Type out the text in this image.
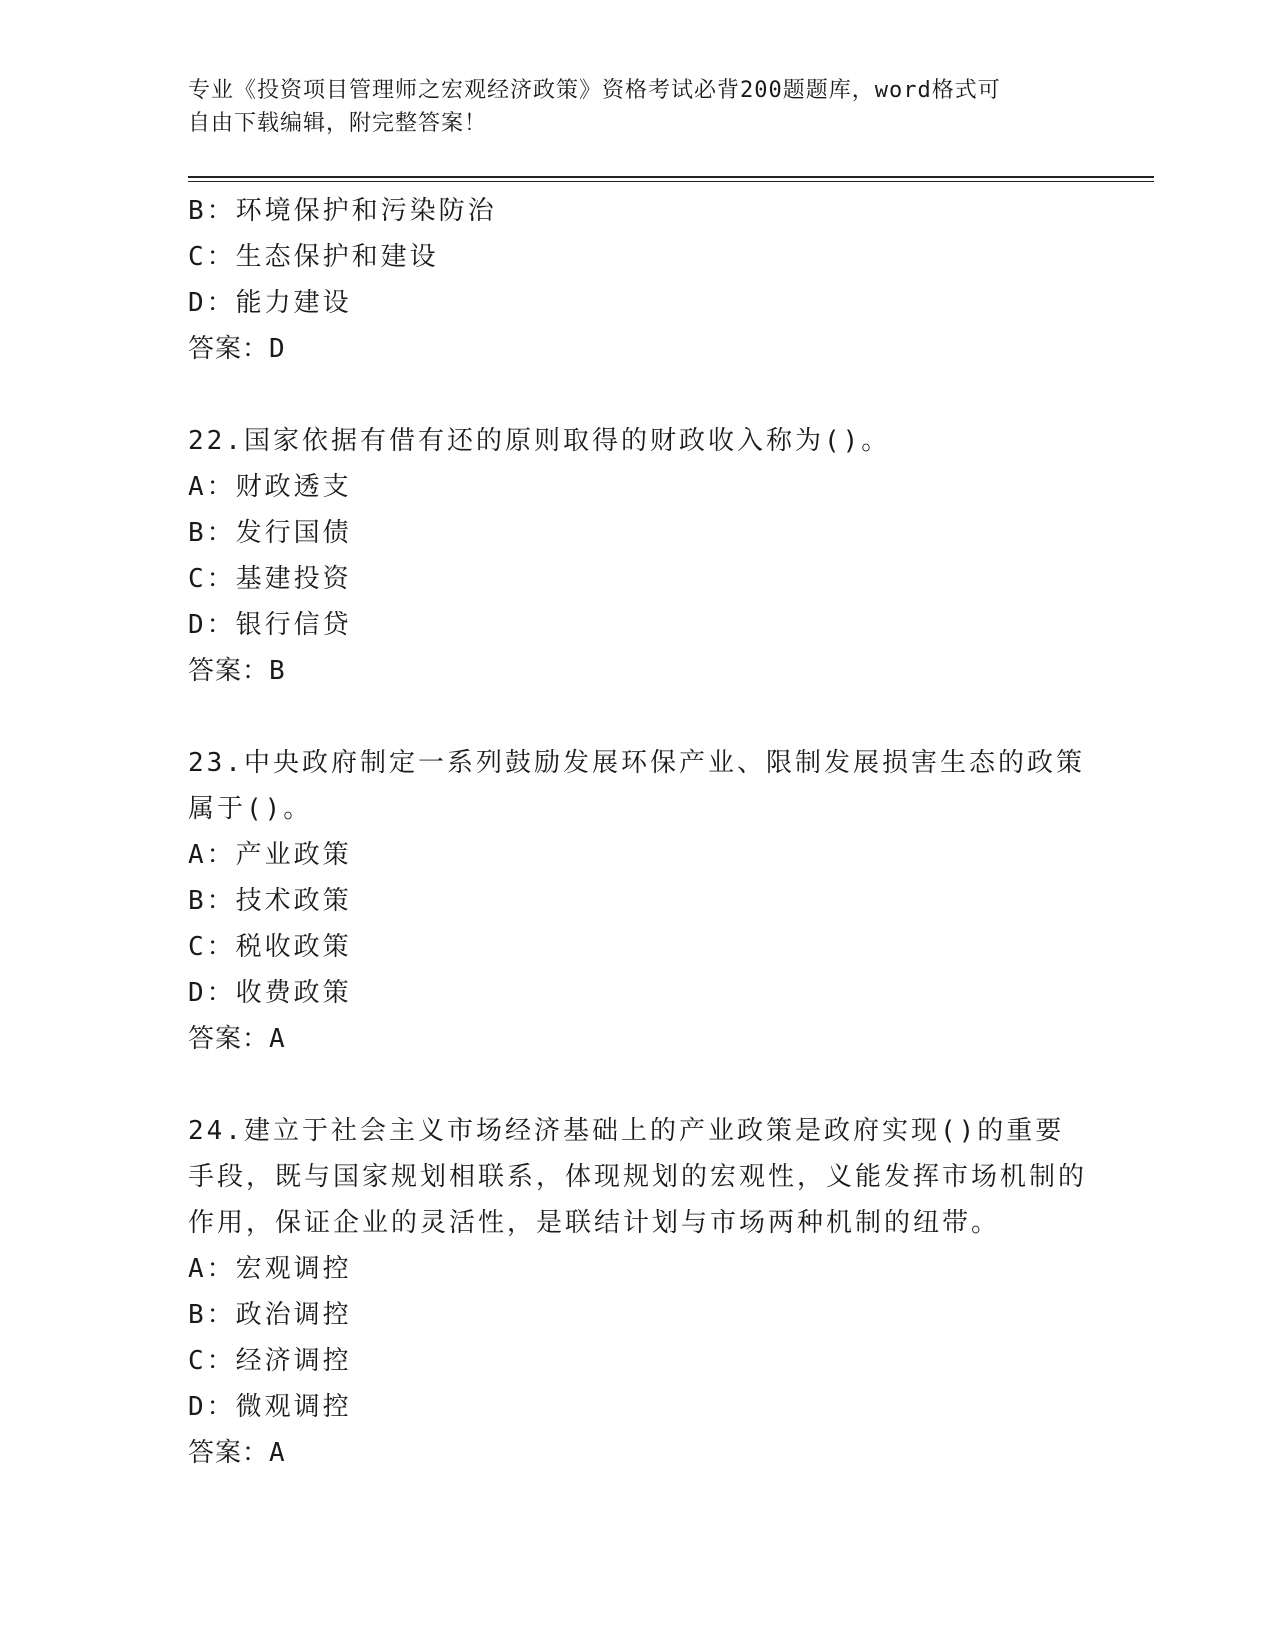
专业《投资项目管理师之宏观经济政策》资格考试必背200题题库，word格式可
自由下载编辑，附完整答案！
B：环境保护和污染防治
C：生态保护和建设
D：能力建设
答案：D
22.国家依据有借有还的原则取得的财政收入称为()。
A：财政透支
B：发行国债
C：基建投资
D：银行信贷
答案：B
23.中央政府制定一系列鼓励发展环保产业、限制发展损害生态的政策属于()。
A：产业政策
B：技术政策
C：税收政策
D：收费政策
答案：A
24.建立于社会主义市场经济基础上的产业政策是政府实现()的重要手段，既与国家规划相联系，体现规划的宏观性，义能发挥市场机制的作用，保证企业的灵活性，是联结计划与市场两种机制的纽带。
A：宏观调控
B：政治调控
C：经济调控
D：微观调控
答案：A
